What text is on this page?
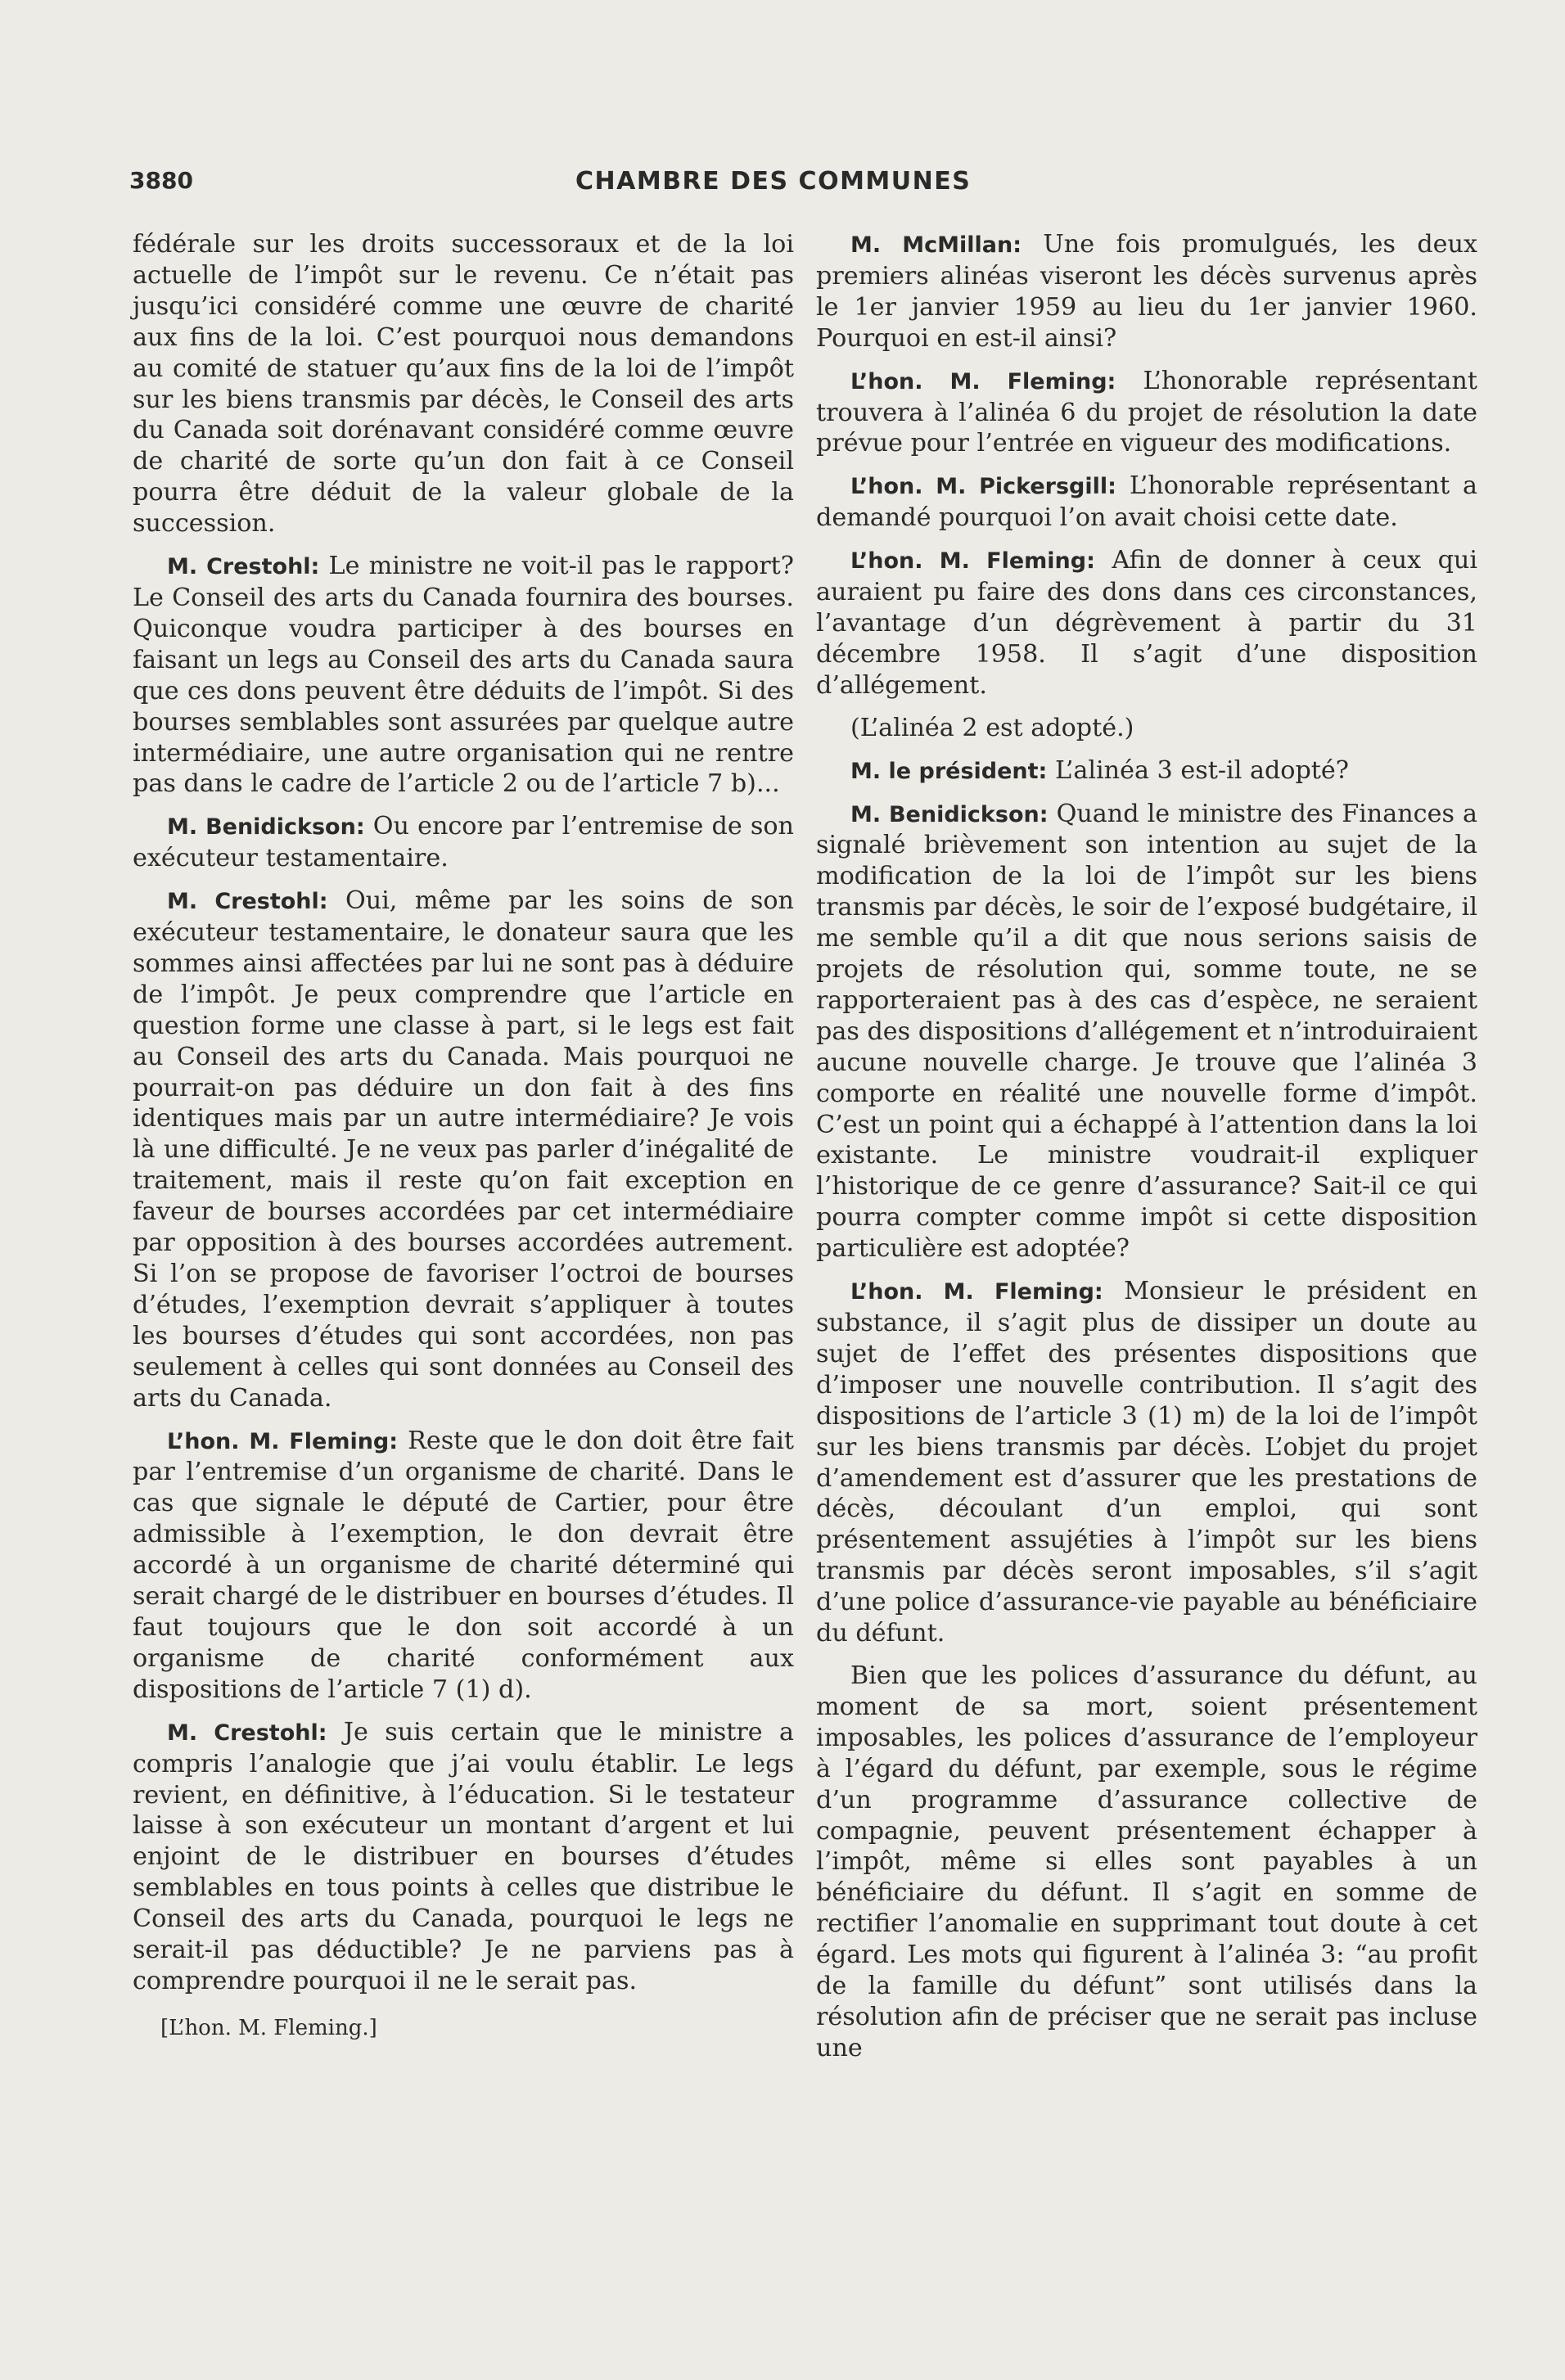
3880	CHAMBRE DES COMMUNES

fédérale sur les droits successoraux et de la loi actuelle de l’impôt sur le revenu. Ce n’était pas jusqu’ici considéré comme une œuvre de charité aux fins de la loi. C’est pourquoi nous demandons au comité de statuer qu’aux fins de la loi de l’impôt sur les biens transmis par décès, le Conseil des arts du Canada soit dorénavant considéré comme œuvre de charité de sorte qu’un don fait à ce Conseil pourra être déduit de la valeur globale de la succession.

M. Crestohl: Le ministre ne voit-il pas le rapport? Le Conseil des arts du Canada fournira des bourses. Quiconque voudra participer à des bourses en faisant un legs au Conseil des arts du Canada saura que ces dons peuvent être déduits de l’impôt. Si des bourses semblables sont assurées par quelque autre intermédiaire, une autre organisation qui ne rentre pas dans le cadre de l’article 2 ou de l’article 7 b)...

M. Benidickson: Ou encore par l’entremise de son exécuteur testamentaire.

M. Crestohl: Oui, même par les soins de son exécuteur testamentaire, le donateur saura que les sommes ainsi affectées par lui ne sont pas à déduire de l’impôt. Je peux comprendre que l’article en question forme une classe à part, si le legs est fait au Conseil des arts du Canada. Mais pourquoi ne pourrait-on pas déduire un don fait à des fins identiques mais par un autre intermédiaire? Je vois là une difficulté. Je ne veux pas parler d’inégalité de traitement, mais il reste qu’on fait exception en faveur de bourses accordées par cet intermédiaire par opposition à des bourses accordées autrement. Si l’on se propose de favoriser l’octroi de bourses d’études, l’exemption devrait s’appliquer à toutes les bourses d’études qui sont accordées, non pas seulement à celles qui sont données au Conseil des arts du Canada.

L’hon. M. Fleming: Reste que le don doit être fait par l’entremise d’un organisme de charité. Dans le cas que signale le député de Cartier, pour être admissible à l’exemption, le don devrait être accordé à un organisme de charité déterminé qui serait chargé de le distribuer en bourses d’études. Il faut toujours que le don soit accordé à un organisme de charité conformément aux dispositions de l’article 7 (1) d).

M. Crestohl: Je suis certain que le ministre a compris l’analogie que j’ai voulu établir. Le legs revient, en définitive, à l’éducation. Si le testateur laisse à son exécuteur un montant d’argent et lui enjoint de le distribuer en bourses d’études semblables en tous points à celles que distribue le Conseil des arts du Canada, pourquoi le legs ne serait-il pas déductible? Je ne parviens pas à comprendre pourquoi il ne le serait pas.

[L’hon. M. Fleming.]

M. McMillan: Une fois promulgués, les deux premiers alinéas viseront les décès survenus après le 1er janvier 1959 au lieu du 1er janvier 1960. Pourquoi en est-il ainsi?

L’hon. M. Fleming: L’honorable représentant trouvera à l’alinéa 6 du projet de résolution la date prévue pour l’entrée en vigueur des modifications.

L’hon. M. Pickersgill: L’honorable représentant a demandé pourquoi l’on avait choisi cette date.

L’hon. M. Fleming: Afin de donner à ceux qui auraient pu faire des dons dans ces circonstances, l’avantage d’un dégrèvement à partir du 31 décembre 1958. Il s’agit d’une disposition d’allégement.

(L’alinéa 2 est adopté.)

M. le président: L’alinéa 3 est-il adopté?

M. Benidickson: Quand le ministre des Finances a signalé brièvement son intention au sujet de la modification de la loi de l’impôt sur les biens transmis par décès, le soir de l’exposé budgétaire, il me semble qu’il a dit que nous serions saisis de projets de résolution qui, somme toute, ne se rapporteraient pas à des cas d’espèce, ne seraient pas des dispositions d’allégement et n’introduiraient aucune nouvelle charge. Je trouve que l’alinéa 3 comporte en réalité une nouvelle forme d’impôt. C’est un point qui a échappé à l’attention dans la loi existante. Le ministre voudrait-il expliquer l’historique de ce genre d’assurance? Sait-il ce qui pourra compter comme impôt si cette disposition particulière est adoptée?

L’hon. M. Fleming: Monsieur le président en substance, il s’agit plus de dissiper un doute au sujet de l’effet des présentes dispositions que d’imposer une nouvelle contribution. Il s’agit des dispositions de l’article 3 (1) m) de la loi de l’impôt sur les biens transmis par décès. L’objet du projet d’amendement est d’assurer que les prestations de décès, découlant d’un emploi, qui sont présentement assujéties à l’impôt sur les biens transmis par décès seront imposables, s’il s’agit d’une police d’assurance-vie payable au bénéficiaire du défunt.

Bien que les polices d’assurance du défunt, au moment de sa mort, soient présentement imposables, les polices d’assurance de l’employeur à l’égard du défunt, par exemple, sous le régime d’un programme d’assurance collective de compagnie, peuvent présentement échapper à l’impôt, même si elles sont payables à un bénéficiaire du défunt. Il s’agit en somme de rectifier l’anomalie en supprimant tout doute à cet égard. Les mots qui figurent à l’alinéa 3: “au profit de la famille du défunt” sont utilisés dans la résolution afin de préciser que ne serait pas incluse une
